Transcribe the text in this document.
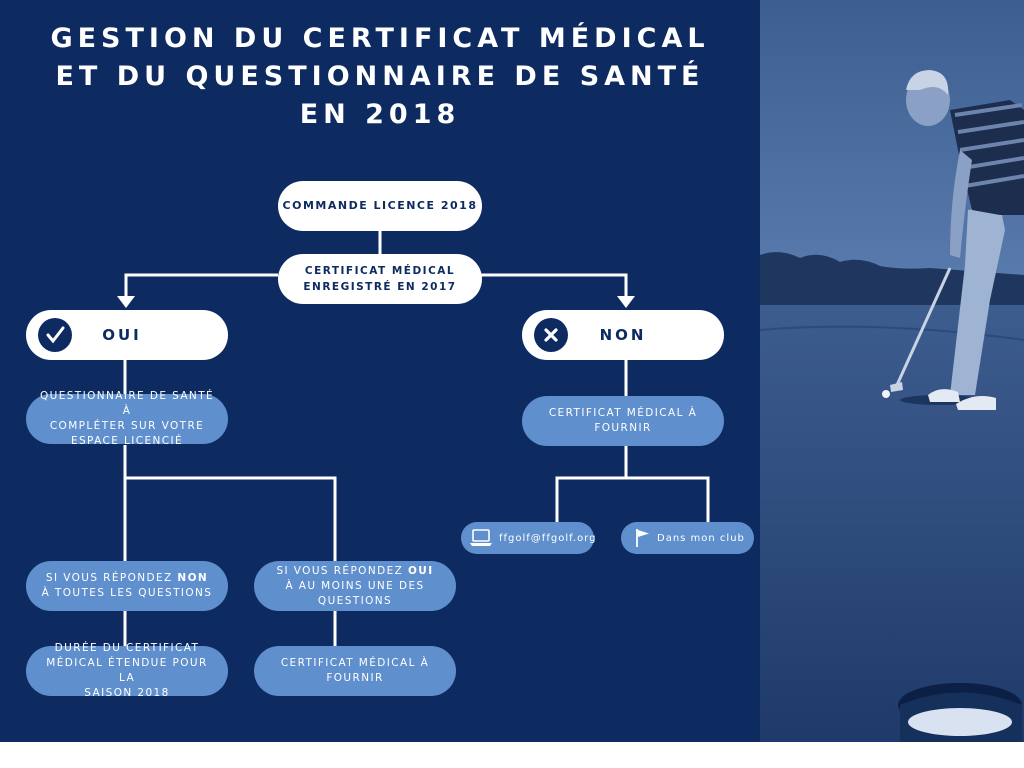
GESTION DU CERTIFICAT MÉDICAL
ET DU QUESTIONNAIRE DE SANTÉ
EN 2018
COMMANDE LICENCE 2018
CERTIFICAT MÉDICAL
ENREGISTRÉ EN 2017
OUI	NON
QUESTIONNAIRE DE SANTÉ À
COMPLÉTER SUR VOTRE
ESPACE LICENCIÉ
CERTIFICAT MÉDICAL À
FOURNIR
ffgolf@ffgolf.org	Dans mon club
SI VOUS RÉPONDEZ NON
À TOUTES LES QUESTIONS
SI VOUS RÉPONDEZ OUI
À AU MOINS UNE DES
QUESTIONS
DURÉE DU CERTIFICAT
MÉDICAL ÉTENDUE POUR LA
SAISON 2018
CERTIFICAT MÉDICAL À
FOURNIR
